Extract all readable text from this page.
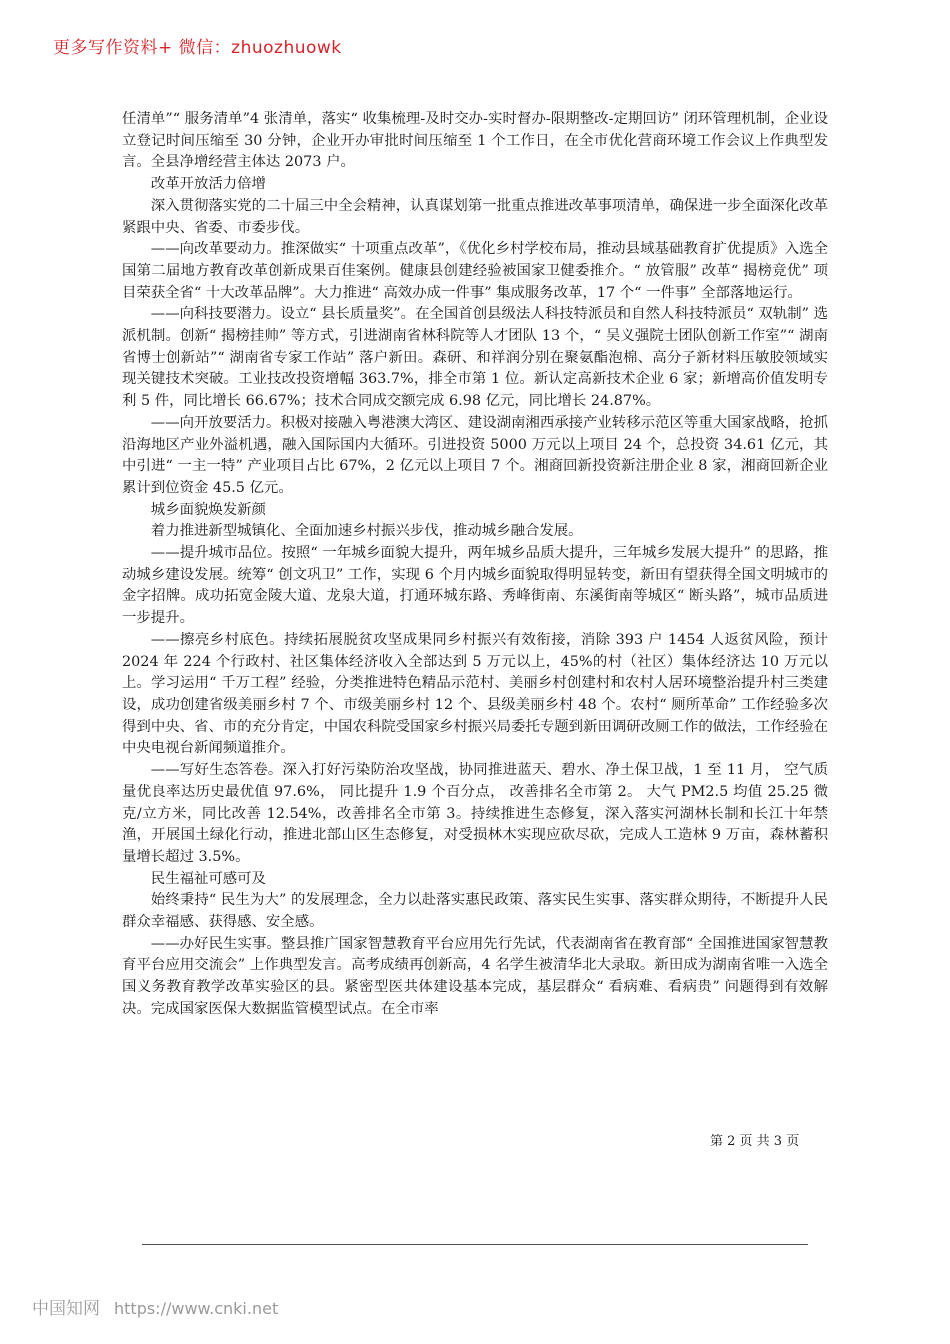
更多写作资料+ 微信：zhuozhuowk

任清单”“ 服务清单”4 张清单，落实“ 收集梳理-及时交办-实时督办-限期整改-定期回访” 闭环管理机制，企业设立登记时间压缩至 30 分钟，企业开办审批时间压缩至 1 个工作日，在全市优化营商环境工作会议上作典型发言。全县净增经营主体达 2073 户。

改革开放活力倍增

深入贯彻落实党的二十届三中全会精神，认真谋划第一批重点推进改革事项清单，确保进一步全面深化改革紧跟中央、省委、市委步伐。

——向改革要动力。推深做实“ 十项重点改革”，《优化乡村学校布局，推动县域基础教育扩优提质》入选全国第二届地方教育改革创新成果百佳案例。健康县创建经验被国家卫健委推介。“ 放管服” 改革“ 揭榜竞优” 项目荣获全省“ 十大改革品牌”。大力推进“ 高效办成一件事” 集成服务改革，17 个“ 一件事” 全部落地运行。

——向科技要潜力。设立“ 县长质量奖”。在全国首创县级法人科技特派员和自然人科技特派员“ 双轨制” 选派机制。创新“ 揭榜挂帅” 等方式，引进湖南省林科院等人才团队 13 个，“ 吴义强院士团队创新工作室”“ 湖南省博士创新站”“ 湖南省专家工作站” 落户新田。森研、和祥润分别在聚氨酯泡棉、高分子新材料压敏胶领域实现关键技术突破。工业技改投资增幅 363.7%，排全市第 1 位。新认定高新技术企业 6 家；新增高价值发明专利 5 件，同比增长 66.67%；技术合同成交额完成 6.98 亿元，同比增长 24.87%。

——向开放要活力。积极对接融入粤港澳大湾区、建设湖南湘西承接产业转移示范区等重大国家战略，抢抓沿海地区产业外溢机遇，融入国际国内大循环。引进投资 5000 万元以上项目 24 个，总投资 34.61 亿元，其中引进“ 一主一特” 产业项目占比 67%，2 亿元以上项目 7 个。湘商回新投资新注册企业 8 家，湘商回新企业累计到位资金 45.5 亿元。

城乡面貌焕发新颜

着力推进新型城镇化、全面加速乡村振兴步伐，推动城乡融合发展。

——提升城市品位。按照“ 一年城乡面貌大提升，两年城乡品质大提升，三年城乡发展大提升” 的思路，推动城乡建设发展。统筹“ 创文巩卫” 工作，实现 6 个月内城乡面貌取得明显转变，新田有望获得全国文明城市的金字招牌。成功拓宽金陵大道、龙泉大道，打通环城东路、秀峰街南、东溪街南等城区“ 断头路”，城市品质进一步提升。

——擦亮乡村底色。持续拓展脱贫攻坚成果同乡村振兴有效衔接，消除 393 户 1454 人返贫风险，预计 2024 年 224 个行政村、社区集体经济收入全部达到 5 万元以上，45%的村（社区）集体经济达 10 万元以上。学习运用“ 千万工程” 经验，分类推进特色精品示范村、美丽乡村创建村和农村人居环境整治提升村三类建设，成功创建省级美丽乡村 7 个、市级美丽乡村 12 个、县级美丽乡村 48 个。农村“ 厕所革命” 工作经验多次得到中央、省、市的充分肯定，中国农科院受国家乡村振兴局委托专题到新田调研改厕工作的做法，工作经验在中央电视台新闻频道推介。

——写好生态答卷。深入打好污染防治攻坚战，协同推进蓝天、碧水、净土保卫战，1 至 11 月， 空气质量优良率达历史最优值 97.6%， 同比提升 1.9 个百分点， 改善排名全市第 2。 大气 PM2.5 均值 25.25 微克/立方米，同比改善 12.54%，改善排名全市第 3。持续推进生态修复，深入落实河湖林长制和长江十年禁渔，开展国土绿化行动，推进北部山区生态修复，对受损林木实现应砍尽砍，完成人工造林 9 万亩，森林蓄积量增长超过 3.5%。

民生福祉可感可及

始终秉持“ 民生为大” 的发展理念，全力以赴落实惠民政策、落实民生实事、落实群众期待，不断提升人民群众幸福感、获得感、安全感。

——办好民生实事。整县推广国家智慧教育平台应用先行先试，代表湖南省在教育部“ 全国推进国家智慧教育平台应用交流会” 上作典型发言。高考成绩再创新高，4 名学生被清华北大录取。新田成为湖南省唯一入选全国义务教育教学改革实验区的县。紧密型医共体建设基本完成，基层群众“ 看病难、看病贵” 问题得到有效解决。完成国家医保大数据监管模型试点。在全市率

第 2 页 共 3 页
中国知网 https://www.cnki.net
